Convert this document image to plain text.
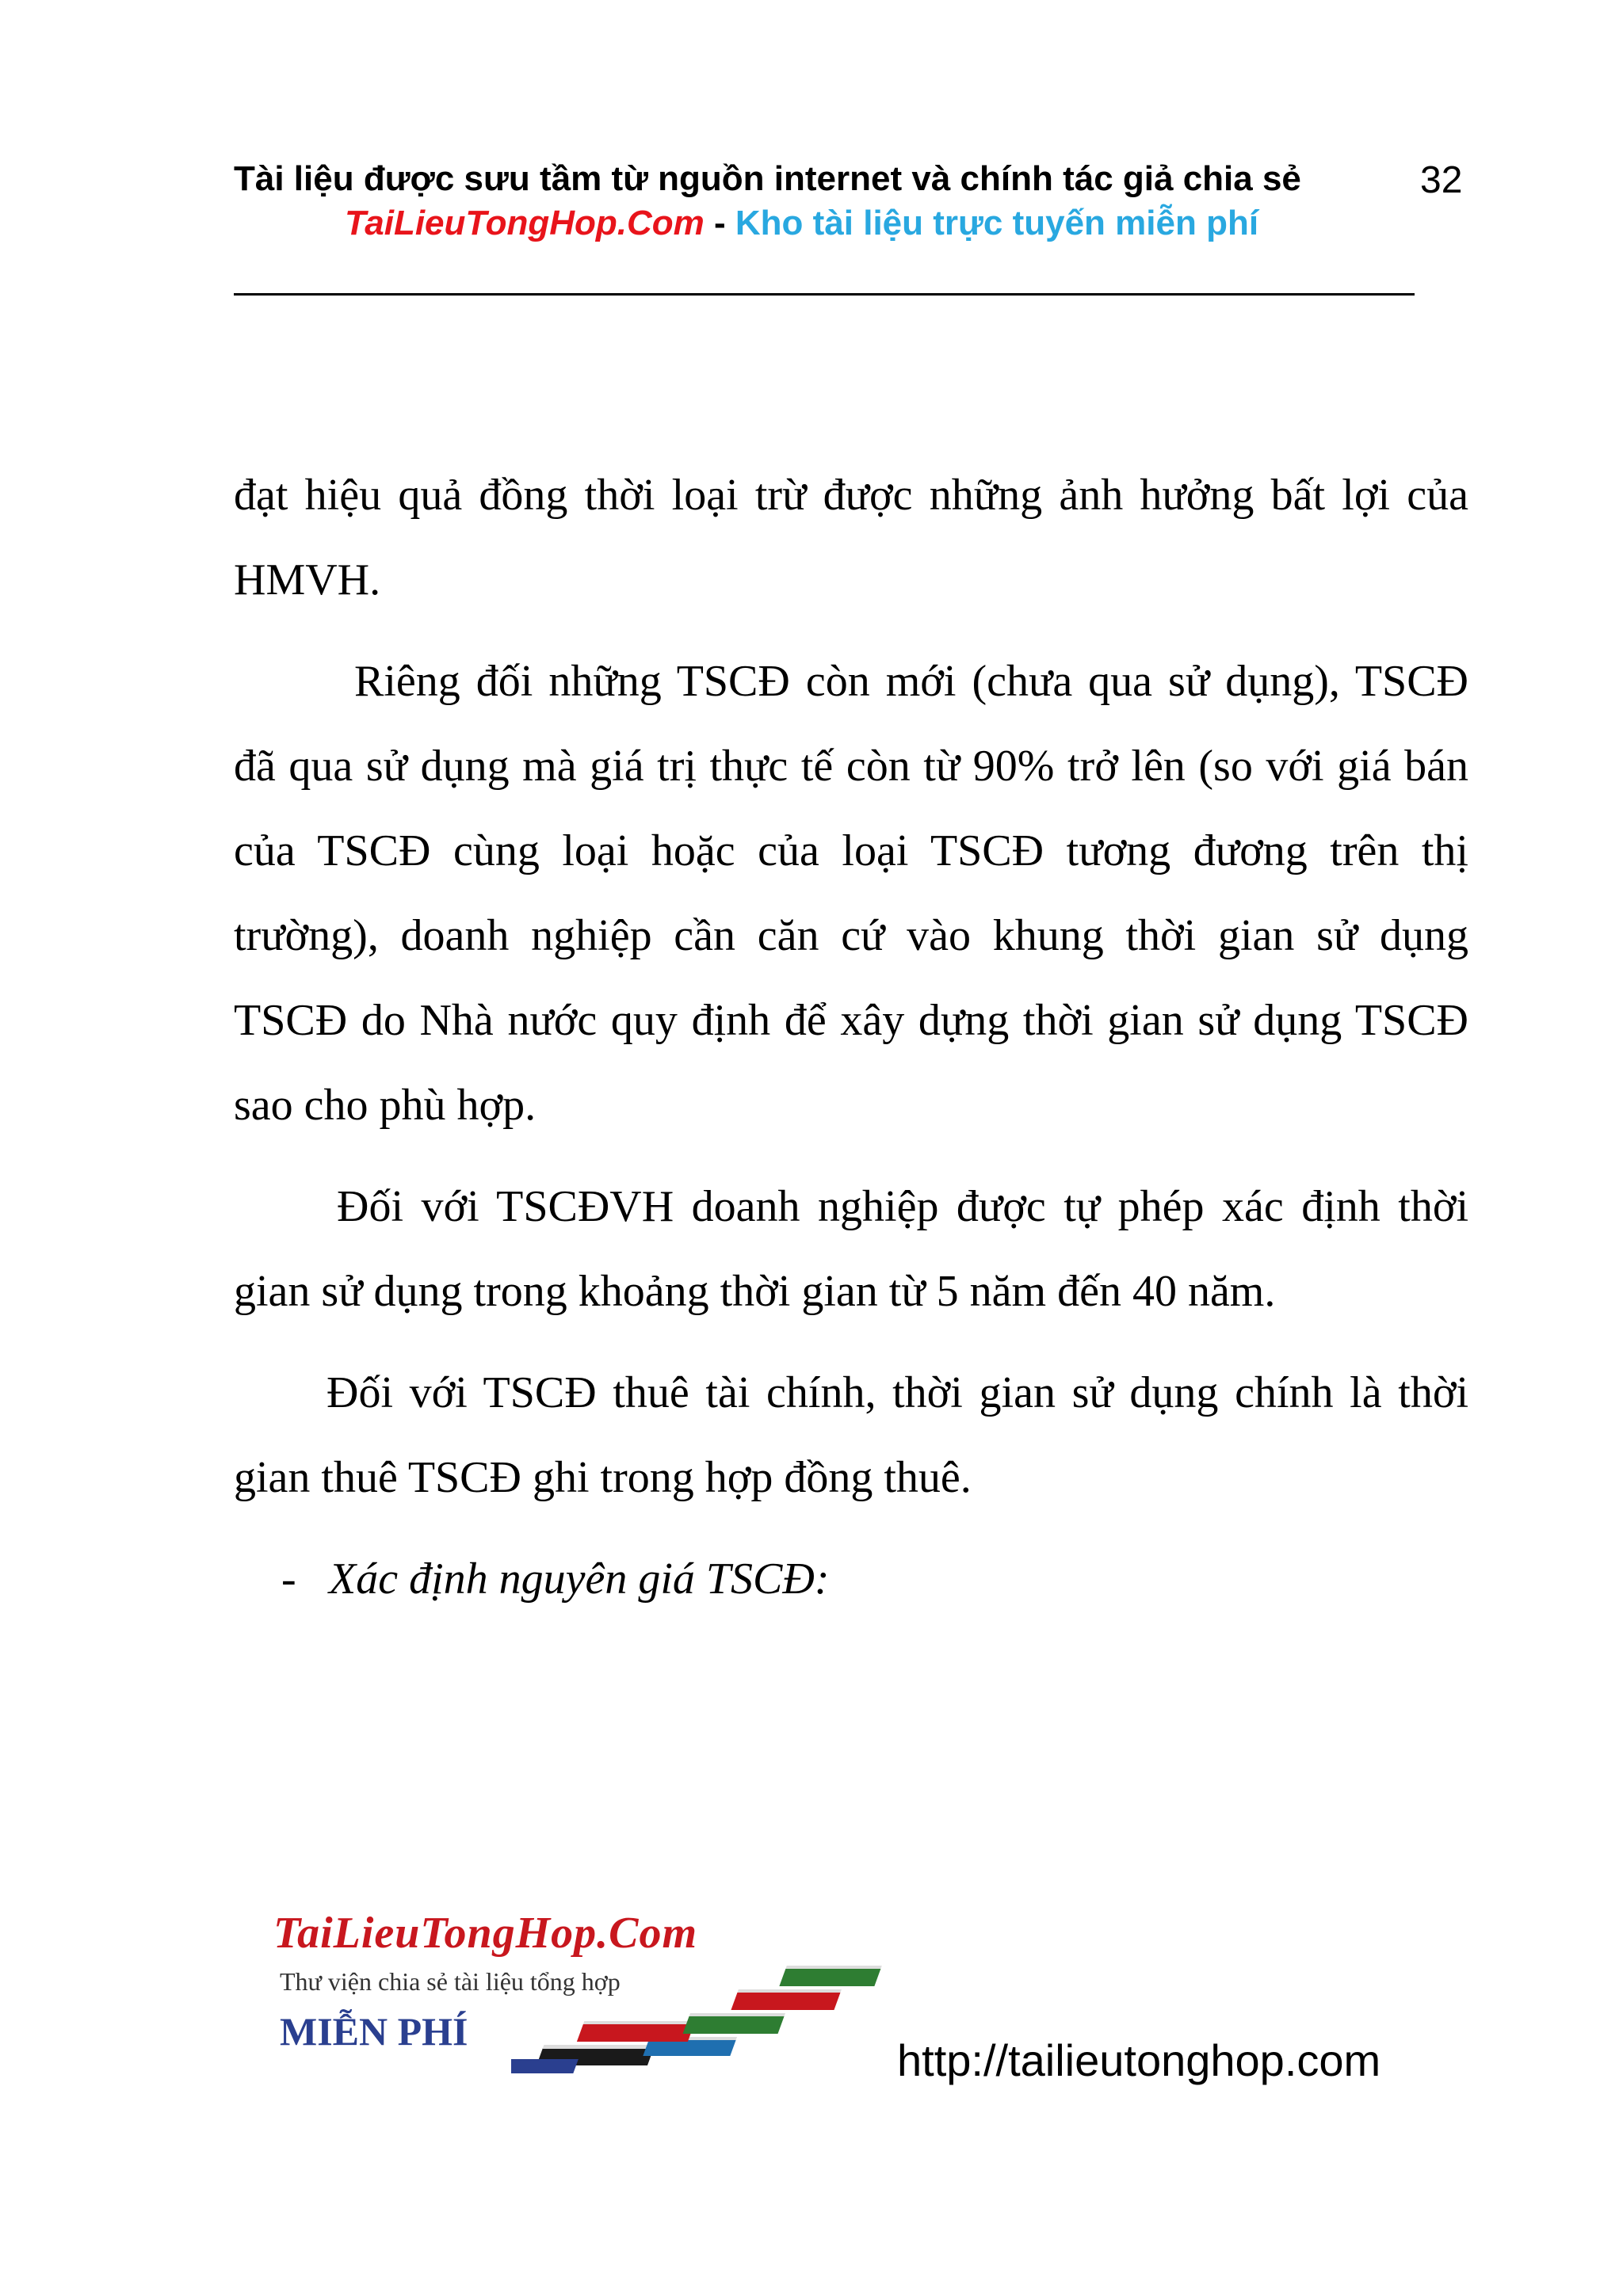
Tài liệu được sưu tầm từ nguồn internet và chính tác giả chia sẻ	32
TaiLieuTongHop.Com - Kho tài liệu trực tuyến miễn phí

đạt hiệu quả đồng thời loại trừ được những ảnh hưởng bất lợi của HMVH.

Riêng đối những TSCĐ còn mới (chưa qua sử dụng), TSCĐ đã qua sử dụng mà giá trị thực tế còn từ 90% trở lên (so với giá bán của TSCĐ cùng loại hoặc của loại TSCĐ tương đương trên thị trường), doanh nghiệp cần căn cứ vào khung thời gian sử dụng TSCĐ do Nhà nước quy định để xây dựng thời gian sử dụng TSCĐ sao cho phù hợp.

Đối với TSCĐVH doanh nghiệp được tự phép xác định thời gian sử dụng trong khoảng thời gian từ 5 năm đến 40 năm.

Đối với TSCĐ thuê tài chính, thời gian sử dụng chính là thời gian thuê TSCĐ ghi trong hợp đồng thuê.

- Xác định nguyên giá TSCĐ:

TaiLieuTongHop.Com
Thư viện chia sẻ tài liệu tổng hợp
MIỄN PHÍ
http://tailieutonghop.com
